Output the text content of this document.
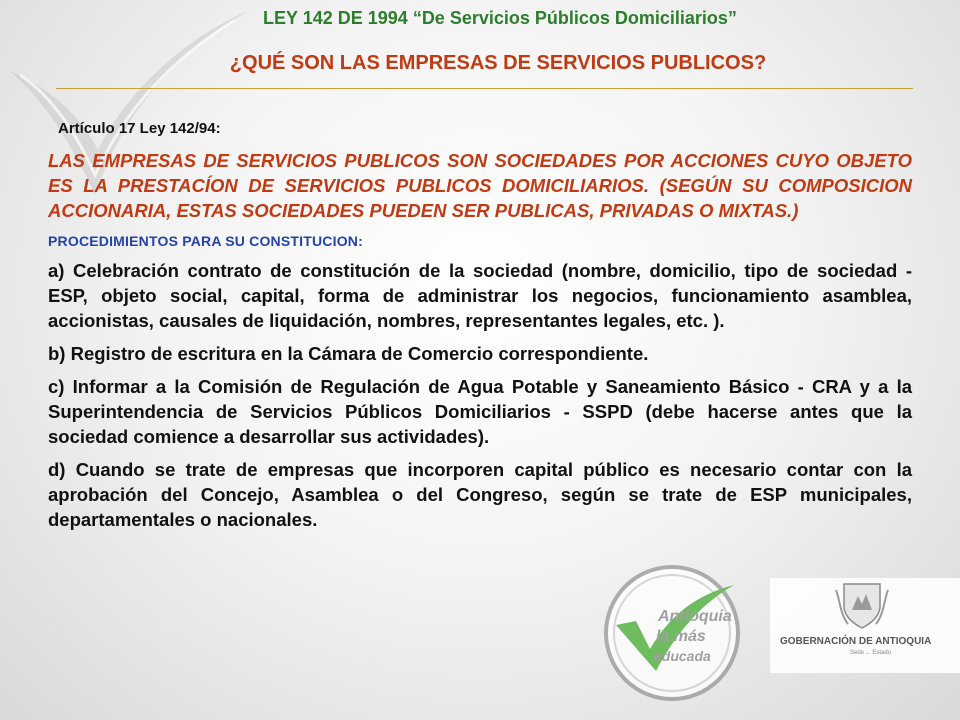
LEY 142 DE 1994 “De Servicios Públicos Domiciliarios”
¿QUÉ SON LAS EMPRESAS DE SERVICIOS PUBLICOS?
Artículo 17 Ley 142/94:
LAS EMPRESAS DE SERVICIOS PUBLICOS SON SOCIEDADES POR ACCIONES CUYO OBJETO ES LA PRESTACÍON DE SERVICIOS PUBLICOS DOMICILIARIOS. (SEGÚN SU COMPOSICION ACCIONARIA, ESTAS SOCIEDADES PUEDEN SER PUBLICAS, PRIVADAS O MIXTAS.)
PROCEDIMIENTOS PARA SU CONSTITUCION:
a) Celebración contrato de constitución de la sociedad (nombre, domicilio, tipo de sociedad - ESP, objeto social, capital, forma de administrar los negocios, funcionamiento asamblea, accionistas, causales de liquidación, nombres, representantes legales, etc. ).
b) Registro de escritura en la Cámara de Comercio correspondiente.
c) Informar a la Comisión de Regulación de Agua Potable y Saneamiento Básico - CRA y a la Superintendencia de Servicios Públicos Domiciliarios - SSPD (debe hacerse antes que la sociedad comience a desarrollar sus actividades).
d) Cuando se trate de empresas que incorporen capital público es necesario contar con la aprobación del Concejo, Asamblea o del Congreso, según se trate de ESP municipales, departamentales o nacionales.
Antioquia
la más
educada
GOBERNACIÓN DE ANTIOQUIA
Sede ... Estado
